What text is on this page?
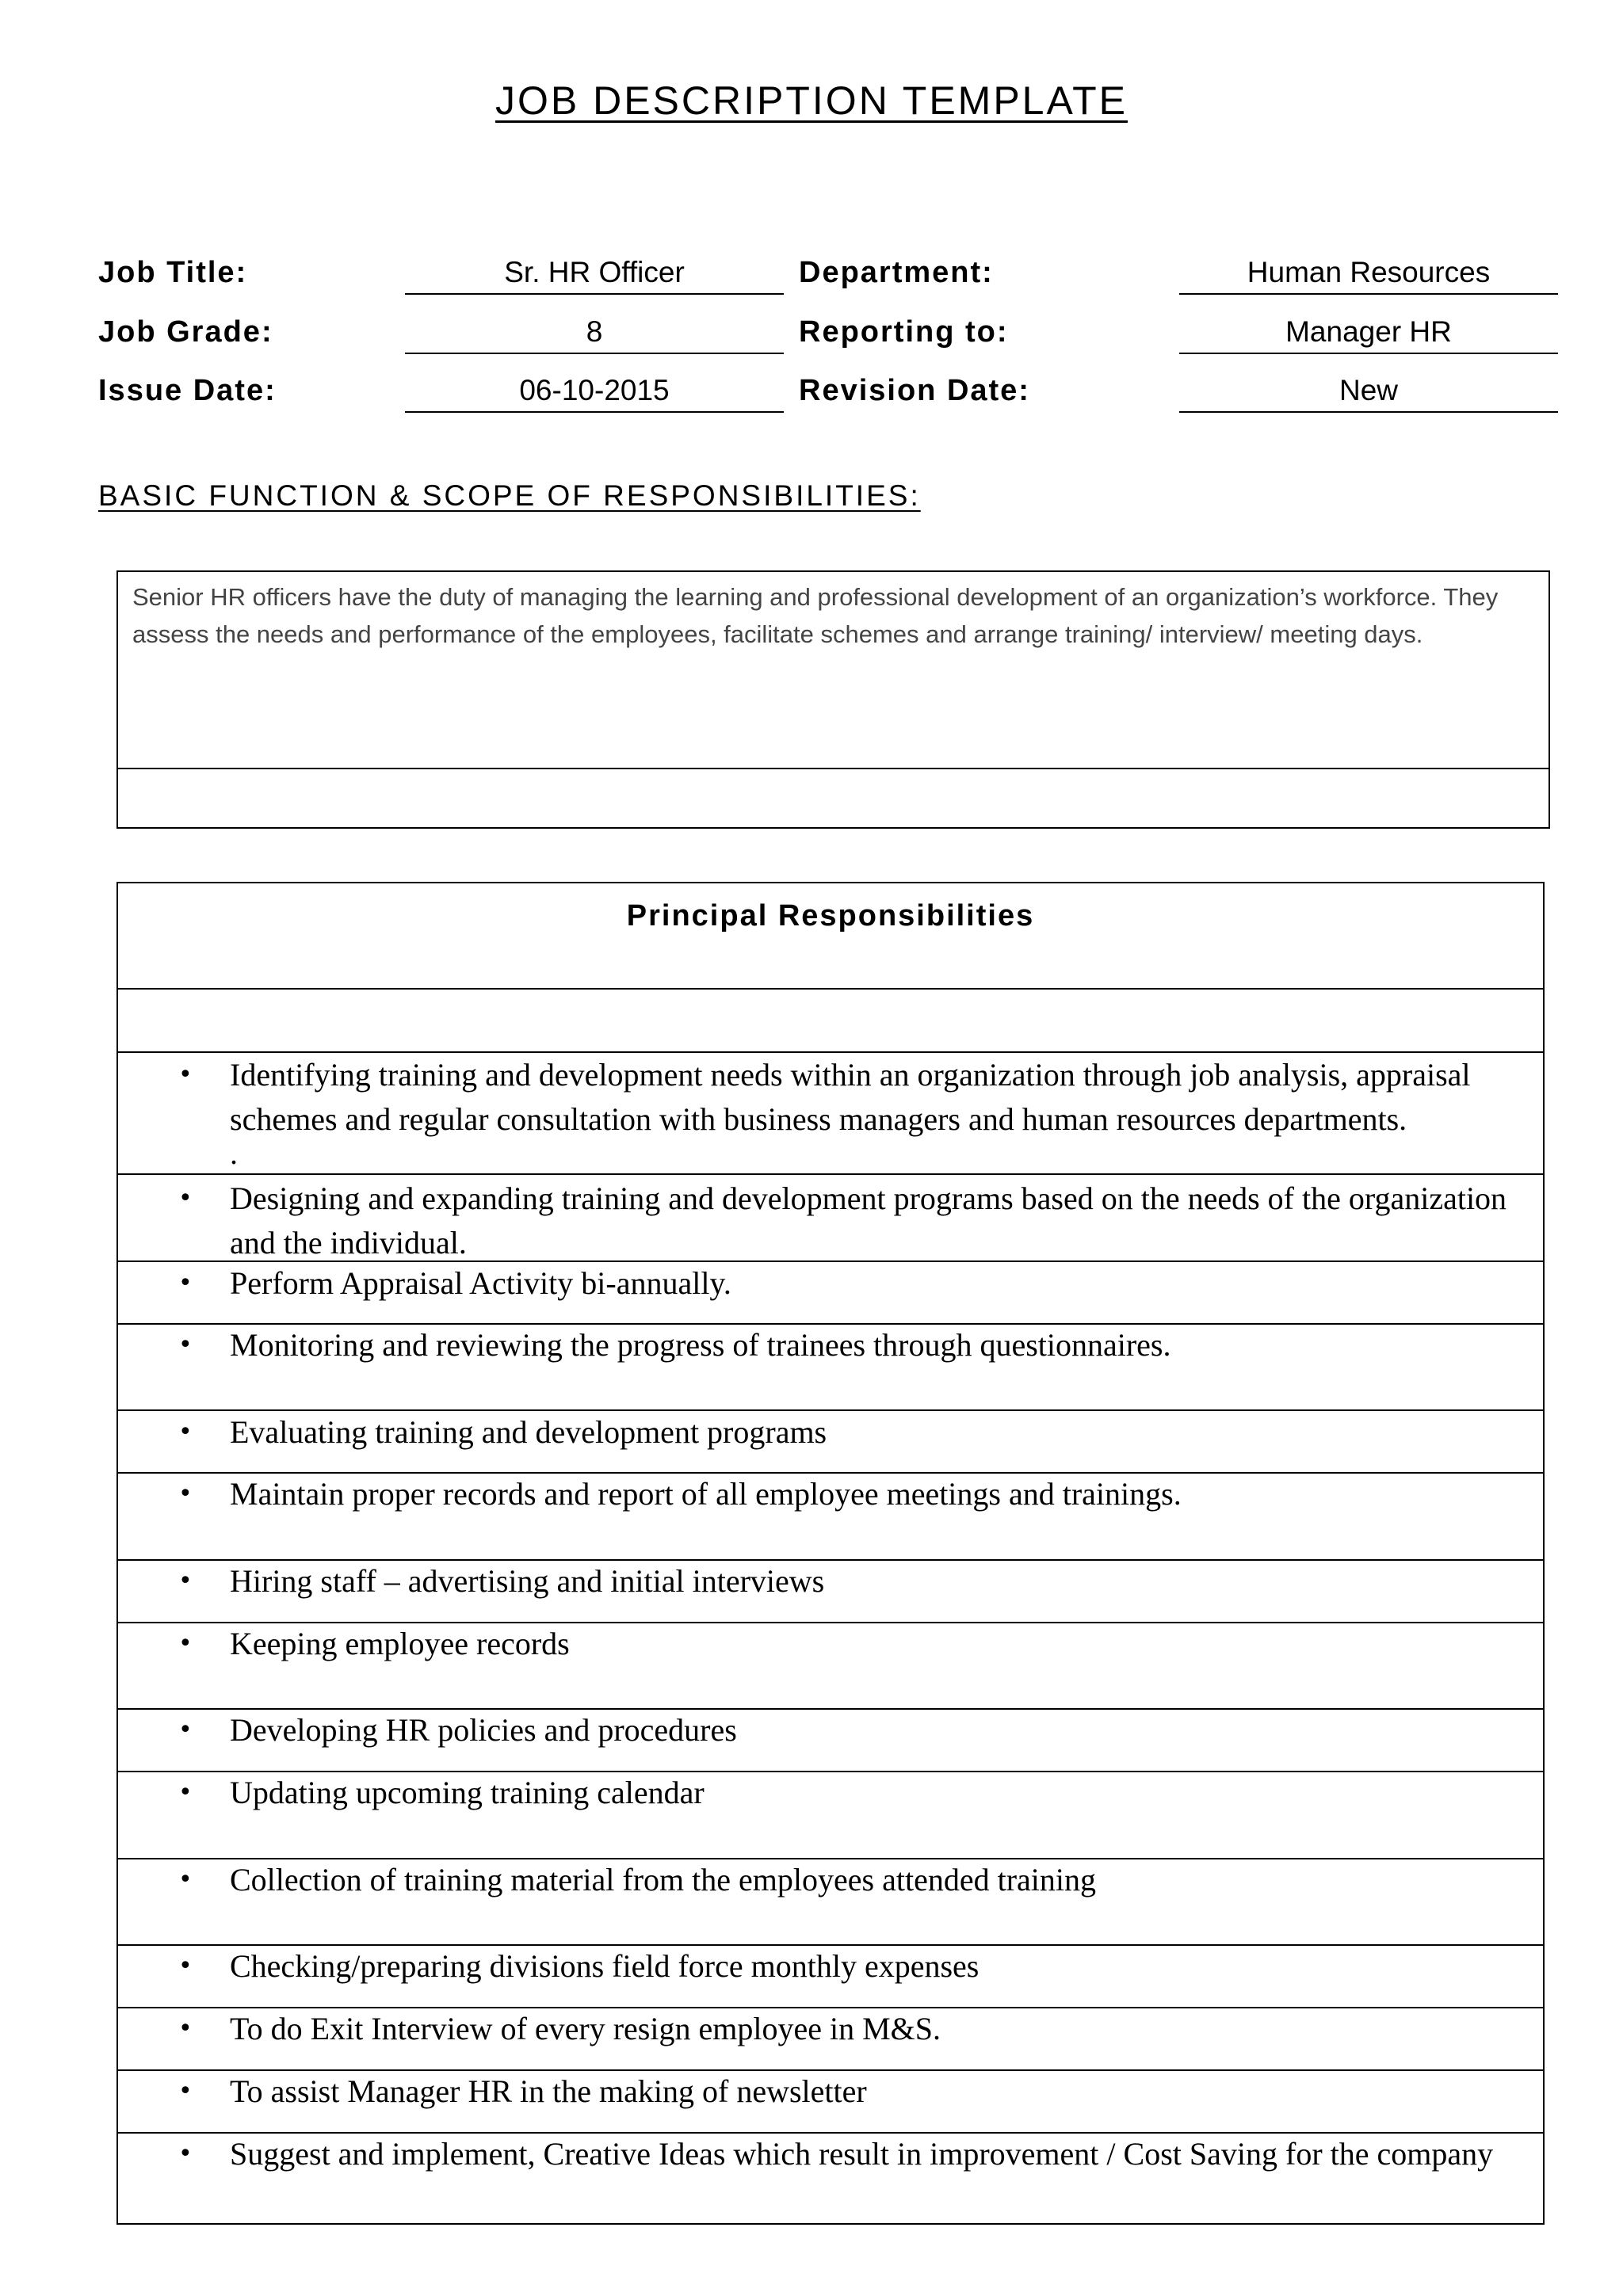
JOB DESCRIPTION TEMPLATE
Job Title:	Sr. HR Officer	Department:	Human Resources
Job Grade:	8	Reporting to:	Manager HR
Issue Date:	06-10-2015	Revision Date:	New
BASIC FUNCTION & SCOPE OF RESPONSIBILITIES:
Senior HR officers have the duty of managing the learning and professional development of an organization’s workforce. They assess the needs and performance of the employees, facilitate schemes and arrange training/ interview/ meeting days.
Principal Responsibilities
• Identifying training and development needs within an organization through job analysis, appraisal schemes and regular consultation with business managers and human resources departments.
.
• Designing and expanding training and development programs based on the needs of the organization and the individual.
• Perform Appraisal Activity bi-annually.
• Monitoring and reviewing the progress of trainees through questionnaires.
• Evaluating training and development programs
• Maintain proper records and report of all employee meetings and trainings.
• Hiring staff – advertising and initial interviews
• Keeping employee records
• Developing HR policies and procedures
• Updating upcoming training calendar
• Collection of training material from the employees attended training
• Checking/preparing divisions field force monthly expenses
• To do Exit Interview of every resign employee in M&S.
• To assist Manager HR in the making of newsletter
• Suggest and implement, Creative Ideas which result in improvement / Cost Saving for the company
